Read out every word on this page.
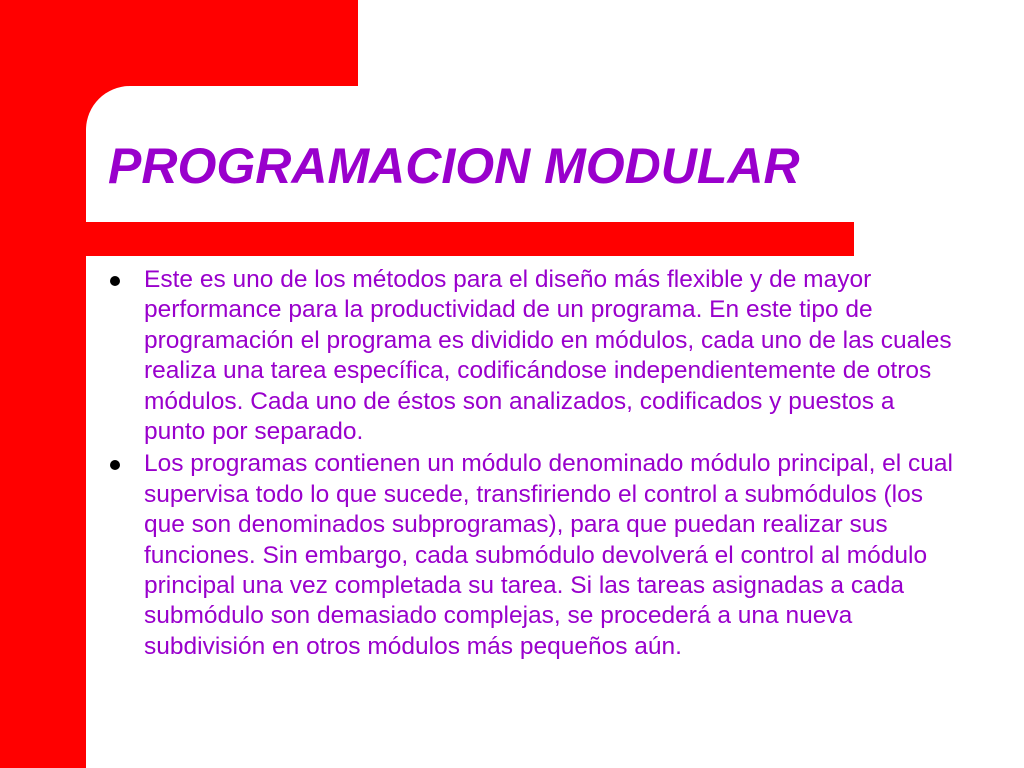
PROGRAMACION MODULAR
Este es uno de los métodos para el diseño más flexible y de mayor performance para la productividad de un programa. En este tipo de programación el programa es dividido en módulos, cada uno de las cuales realiza una tarea específica, codificándose independientemente de otros módulos. Cada uno de éstos son analizados, codificados y puestos a punto por separado.
Los programas contienen un módulo denominado módulo principal, el cual supervisa todo lo que sucede, transfiriendo el control a submódulos (los que son denominados subprogramas), para que puedan realizar sus funciones. Sin embargo, cada submódulo devolverá el control al módulo principal una vez completada su tarea. Si las tareas asignadas a cada submódulo son demasiado complejas, se procederá a una nueva subdivisión en otros módulos más pequeños aún.
